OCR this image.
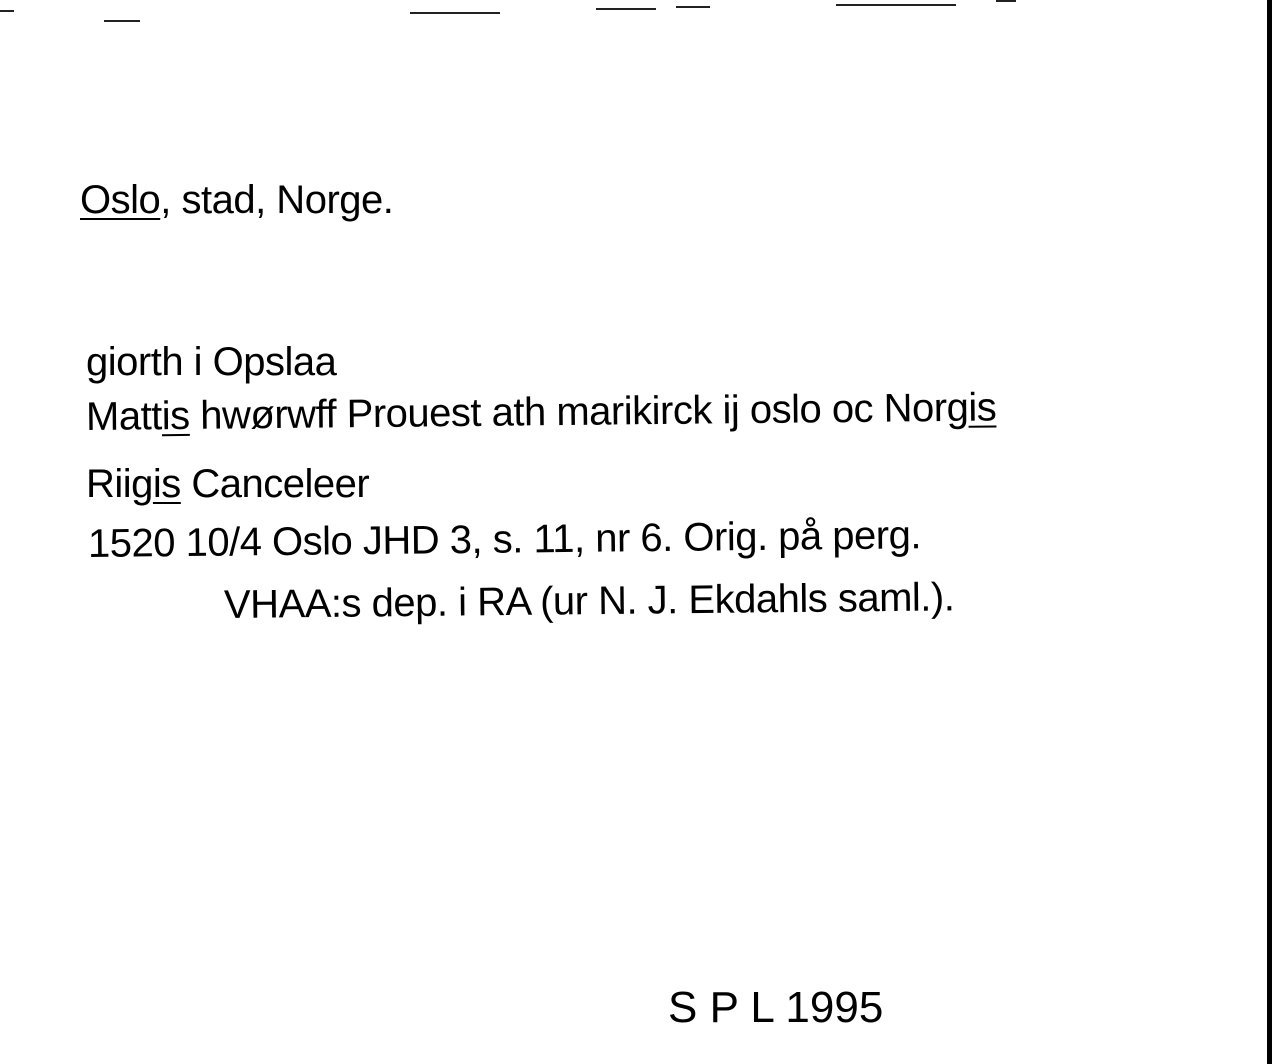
Oslo, stad, Norge.
giorth i Opslaa
Mattis hwørwff Prouest ath marikirck ij oslo oc Norgis
Riigis Canceleer
1520 10/4 Oslo JHD 3, s. 11, nr 6. Orig. på perg.
VHAA:s dep. i RA (ur N. J. Ekdahls saml.).
S P L 1995
